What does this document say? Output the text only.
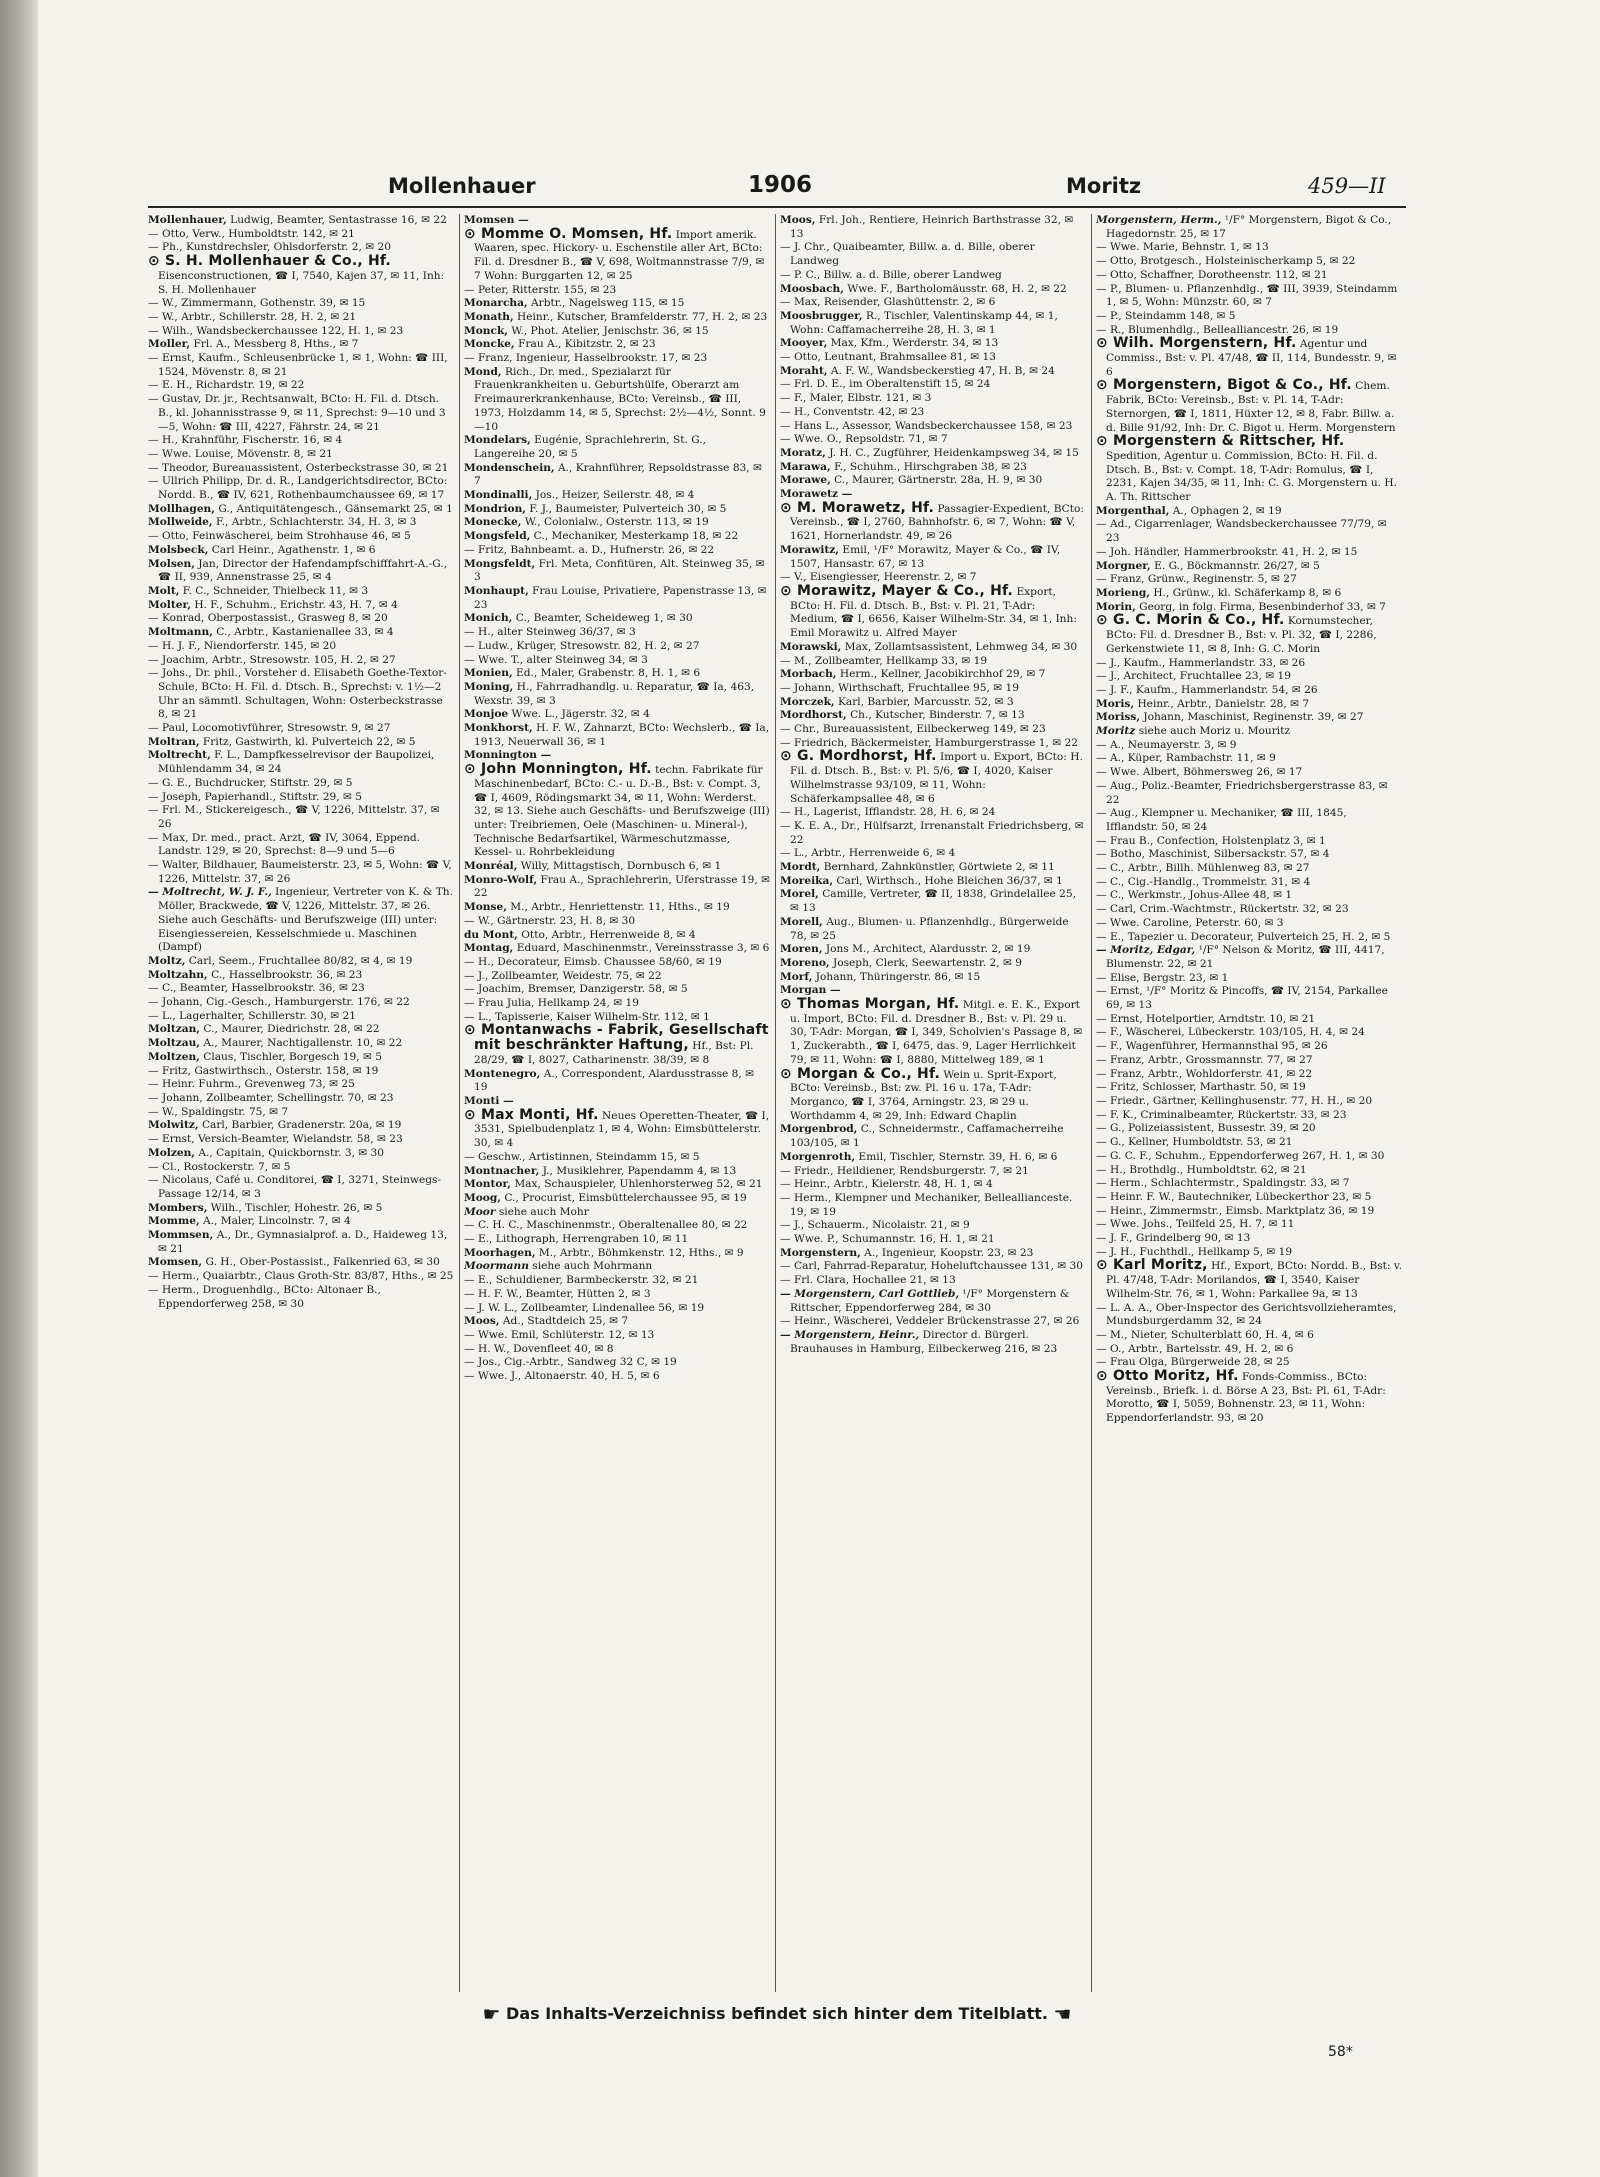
Mollenhauer	1906	Moritz	459—II

Mollenhauer, Ludwig, Beamter, Sentastrasse 16, ✉ 22

— Otto, Verw., Humboldtstr. 142, ✉ 21

— Ph., Kunstdrechsler, Ohlsdorferstr. 2, ✉ 20

⊙ S. H. Mollenhauer & Co., Hf. Eisenconstructionen, ☎ I, 7540, Kajen 37, ✉ 11, Inh: S. H. Mollenhauer

— W., Zimmermann, Gothenstr. 39, ✉ 15

— W., Arbtr., Schillerstr. 28, H. 2, ✉ 21

— Wilh., Wandsbeckerchaussee 122, H. 1, ✉ 23

Moller, Frl. A., Messberg 8, Hths., ✉ 7

— Ernst, Kaufm., Schleusenbrücke 1, ✉ 1, Wohn: ☎ III, 1524, Mövenstr. 8, ✉ 21

— E. H., Richardstr. 19, ✉ 22

— Gustav, Dr. jr., Rechtsanwalt, BCto: H. Fil. d. Dtsch. B., kl. Johannisstrasse 9, ✉ 11, Sprechst: 9—10 und 3—5, Wohn: ☎ III, 4227, Fährstr. 24, ✉ 21

— H., Krahnführ, Fischerstr. 16, ✉ 4

— Wwe. Louise, Mövenstr. 8, ✉ 21

— Theodor, Bureauassistent, Osterbeckstrasse 30, ✉ 21

— Ullrich Philipp, Dr. d. R., Landgerichtsdirector, BCto: Nordd. B., ☎ IV, 621, Rothenbaumchaussee 69, ✉ 17

Mollhagen, G., Antiquitätengesch., Gänsemarkt 25, ✉ 1

Mollweide, F., Arbtr., Schlachterstr. 34, H. 3, ✉ 3

— Otto, Feinwäscherei, beim Strohhause 46, ✉ 5

Molsbeck, Carl Heinr., Agathenstr. 1, ✉ 6

Molsen, Jan, Director der Hafendampfschifffahrt-A.-G., ☎ II, 939, Annenstrasse 25, ✉ 4

Molt, F. C., Schneider, Thielbeck 11, ✉ 3

Molter, H. F., Schuhm., Erichstr. 43, H. 7, ✉ 4

— Konrad, Oberpostassist., Grasweg 8, ✉ 20

Moltmann, C., Arbtr., Kastanienallee 33, ✉ 4

— H. J. F., Niendorferstr. 145, ✉ 20

— Joachim, Arbtr., Stresowstr. 105, H. 2, ✉ 27

— Johs., Dr. phil., Vorsteher d. Elisabeth Goethe-Textor-Schule, BCto: H. Fil. d. Dtsch. B., Sprechst: v. 1½—2 Uhr an sämmtl. Schultagen, Wohn: Osterbeckstrasse 8, ✉ 21

— Paul, Locomotivführer, Stresowstr. 9, ✉ 27

Moltran, Fritz, Gastwirth, kl. Pulverteich 22, ✉ 5

Moltrecht, F. L., Dampfkesselrevisor der Baupolizei, Mühlendamm 34, ✉ 24

— G. E., Buchdrucker, Stiftstr. 29, ✉ 5

— Joseph, Papierhandl., Stiftstr. 29, ✉ 5

— Frl. M., Stickereigesch., ☎ V, 1226, Mittelstr. 37, ✉ 26

— Max, Dr. med., pract. Arzt, ☎ IV, 3064, Eppend. Landstr. 129, ✉ 20, Sprechst: 8—9 und 5—6

— Walter, Bildhauer, Baumeisterstr. 23, ✉ 5, Wohn: ☎ V, 1226, Mittelstr. 37, ✉ 26

— Moltrecht, W. J. F., Ingenieur, Vertreter von K. & Th. Möller, Brackwede, ☎ V, 1226, Mittelstr. 37, ✉ 26. Siehe auch Geschäfts- und Berufszweige (III) unter: Eisengiessereien, Kesselschmiede u. Maschinen (Dampf)

Moltz, Carl, Seem., Fruchtallee 80/82, ✉ 4, ✉ 19

Moltzahn, C., Hasselbrookstr. 36, ✉ 23

— C., Beamter, Hasselbrookstr. 36, ✉ 23

— Johann, Cig.-Gesch., Hamburgerstr. 176, ✉ 22

— L., Lagerhalter, Schillerstr. 30, ✉ 21

Moltzan, C., Maurer, Diedrichstr. 28, ✉ 22

Moltzau, A., Maurer, Nachtigallenstr. 10, ✉ 22

Moltzen, Claus, Tischler, Borgesch 19, ✉ 5

— Fritz, Gastwirthsch., Osterstr. 158, ✉ 19

— Heinr. Fuhrm., Grevenweg 73, ✉ 25

— Johann, Zollbeamter, Schellingstr. 70, ✉ 23

— W., Spaldingstr. 75, ✉ 7

Molwitz, Carl, Barbier, Gradenerstr. 20a, ✉ 19

— Ernst, Versich-Beamter, Wielandstr. 58, ✉ 23

Molzen, A., Capitain, Quickbornstr. 3, ✉ 30

— Cl., Rostockerstr. 7, ✉ 5

— Nicolaus, Café u. Conditorei, ☎ I, 3271, Steinwegs-Passage 12/14, ✉ 3

Mombers, Wilh., Tischler, Hohestr. 26, ✉ 5

Momme, A., Maler, Lincolnstr. 7, ✉ 4

Mommsen, A., Dr., Gymnasialprof. a. D., Haideweg 13, ✉ 21

Momsen, G. H., Ober-Postassist., Falkenried 63, ✉ 30

— Herm., Quaiarbtr., Claus Groth-Str. 83/87, Hths., ✉ 25

— Herm., Droguenhdlg., BCto: Altonaer B., Eppendorferweg 258, ✉ 30

Momsen —

⊙ Momme O. Momsen, Hf. Import amerik. Waaren, spec. Hickory- u. Eschenstile aller Art, BCto: Fil. d. Dresdner B., ☎ V, 698, Woltmannstrasse 7/9, ✉ 7 Wohn: Burggarten 12, ✉ 25

— Peter, Ritterstr. 155, ✉ 23

Monarcha, Arbtr., Nagelsweg 115, ✉ 15

Monath, Heinr., Kutscher, Bramfelderstr. 77, H. 2, ✉ 23

Monck, W., Phot. Atelier, Jenischstr. 36, ✉ 15

Moncke, Frau A., Kibitzstr. 2, ✉ 23

— Franz, Ingenieur, Hasselbrookstr. 17, ✉ 23

Mond, Rich., Dr. med., Spezialarzt für Frauenkrankheiten u. Geburtshülfe, Oberarzt am Freimaurerkrankenhause, BCto: Vereinsb., ☎ III, 1973, Holzdamm 14, ✉ 5, Sprechst: 2½—4½, Sonnt. 9—10

Mondelars, Eugénie, Sprachlehrerin, St. G., Langereihe 20, ✉ 5

Mondenschein, A., Krahnführer, Repsoldstrasse 83, ✉ 7

Mondinalli, Jos., Heizer, Seilerstr. 48, ✉ 4

Mondrion, F. J., Baumeister, Pulverteich 30, ✉ 5

Monecke, W., Colonialw., Osterstr. 113, ✉ 19

Mongsfeld, C., Mechaniker, Mesterkamp 18, ✉ 22

— Fritz, Bahnbeamt. a. D., Hufnerstr. 26, ✉ 22

Mongsfeldt, Frl. Meta, Confitüren, Alt. Steinweg 35, ✉ 3

Monhaupt, Frau Louise, Privatiere, Papenstrasse 13, ✉ 23

Monich, C., Beamter, Scheideweg 1, ✉ 30

— H., alter Steinweg 36/37, ✉ 3

— Ludw., Krüger, Stresowstr. 82, H. 2, ✉ 27

— Wwe. T., alter Steinweg 34, ✉ 3

Monien, Ed., Maler, Grabenstr. 8, H. 1, ✉ 6

Moning, H., Fahrradhandlg. u. Reparatur, ☎ Ia, 463, Wexstr. 39, ✉ 3

Monjoe Wwe. L., Jägerstr. 32, ✉ 4

Monkhorst, H. F. W., Zahnarzt, BCto: Wechslerb., ☎ Ia, 1913, Neuerwall 36, ✉ 1

Monnington —

⊙ John Monnington, Hf. techn. Fabrikate für Maschinenbedarf, BCto: C.- u. D.-B., Bst: v. Compt. 3, ☎ I, 4609, Rödingsmarkt 34, ✉ 11, Wohn: Werderst. 32, ✉ 13. Siehe auch Geschäfts- und Berufszweige (III) unter: Treibriemen, Oele (Maschinen- u. Mineral-), Technische Bedarfsartikel, Wärmeschutzmasse, Kessel- u. Rohrbekleidung

Monréal, Willy, Mittagstisch, Dornbusch 6, ✉ 1

Monro-Wolf, Frau A., Sprachlehrerin, Uferstrasse 19, ✉ 22

Monse, M., Arbtr., Henriettenstr. 11, Hths., ✉ 19

— W., Gärtnerstr. 23, H. 8, ✉ 30

du Mont, Otto, Arbtr., Herrenweide 8, ✉ 4

Montag, Eduard, Maschinenmstr., Vereinsstrasse 3, ✉ 6

— H., Decorateur, Eimsb. Chaussee 58/60, ✉ 19

— J., Zollbeamter, Weidestr. 75, ✉ 22

— Joachim, Bremser, Danzigerstr. 58, ✉ 5

— Frau Julia, Hellkamp 24, ✉ 19

— L., Tapisserie, Kaiser Wilhelm-Str. 112, ✉ 1

⊙ Montanwachs - Fabrik, Gesellschaft mit beschränkter Haftung, Hf., Bst: Pl. 28/29, ☎ I, 8027, Catharinenstr. 38/39, ✉ 8

Montenegro, A., Correspondent, Alardusstrasse 8, ✉ 19

Monti —

⊙ Max Monti, Hf. Neues Operetten-Theater, ☎ I, 3531, Spielbudenplatz 1, ✉ 4, Wohn: Eimsbüttelerstr. 30, ✉ 4

— Geschw., Artistinnen, Steindamm 15, ✉ 5

Montnacher, J., Musiklehrer, Papendamm 4, ✉ 13

Montor, Max, Schauspieler, Uhlenhorsterweg 52, ✉ 21

Moog, C., Procurist, Eimsbüttelerchaussee 95, ✉ 19

Moor siehe auch Mohr

— C. H. C., Maschinenmstr., Oberaltenallee 80, ✉ 22

— E., Lithograph, Herrengraben 10, ✉ 11

Moorhagen, M., Arbtr., Böhmkenstr. 12, Hths., ✉ 9

Moormann siehe auch Mohrmann

— E., Schuldiener, Barmbeckerstr. 32, ✉ 21

— H. F. W., Beamter, Hütten 2, ✉ 3

— J. W. L., Zollbeamter, Lindenallee 56, ✉ 19

Moos, Ad., Stadtdeich 25, ✉ 7

— Wwe. Emil, Schlüterstr. 12, ✉ 13

— H. W., Dovenfleet 40, ✉ 8

— Jos., Cig.-Arbtr., Sandweg 32 C, ✉ 19

— Wwe. J., Altonaerstr. 40, H. 5, ✉ 6

Moos, Frl. Joh., Rentiere, Heinrich Barthstrasse 32, ✉ 13

— J. Chr., Quaibeamter, Billw. a. d. Bille, oberer Landweg

— P. C., Billw. a. d. Bille, oberer Landweg

Moosbach, Wwe. F., Bartholomäusstr. 68, H. 2, ✉ 22

— Max, Reisender, Glashüttenstr. 2, ✉ 6

Moosbrugger, R., Tischler, Valentinskamp 44, ✉ 1, Wohn: Caffamacherreihe 28, H. 3, ✉ 1

Mooyer, Max, Kfm., Werderstr. 34, ✉ 13

— Otto, Leutnant, Brahmsallee 81, ✉ 13

Moraht, A. F. W., Wandsbeckerstieg 47, H. B, ✉ 24

— Frl. D. E., im Oberaltenstift 15, ✉ 24

— F., Maler, Elbstr. 121, ✉ 3

— H., Conventstr. 42, ✉ 23

— Hans L., Assessor, Wandsbeckerchaussee 158, ✉ 23

— Wwe. O., Repsoldstr. 71, ✉ 7

Moratz, J. H. C., Zugführer, Heidenkampsweg 34, ✉ 15

Marawa, F., Schuhm., Hirschgraben 38, ✉ 23

Morawe, C., Maurer, Gärtnerstr. 28a, H. 9, ✉ 30

Morawetz —

⊙ M. Morawetz, Hf. Passagier-Expedient, BCto: Vereinsb., ☎ I, 2760, Bahnhofstr. 6, ✉ 7, Wohn: ☎ V, 1621, Hornerlandstr. 49, ✉ 26

Morawitz, Emil, ¹/F° Morawitz, Mayer & Co., ☎ IV, 1507, Hansastr. 67, ✉ 13

— V., Eisengiesser, Heerenstr. 2, ✉ 7

⊙ Morawitz, Mayer & Co., Hf. Export, BCto: H. Fil. d. Dtsch. B., Bst: v. Pl. 21, T-Adr: Medium, ☎ I, 6656, Kaiser Wilhelm-Str. 34, ✉ 1, Inh: Emil Morawitz u. Alfred Mayer

Morawski, Max, Zollamtsassistent, Lehmweg 34, ✉ 30

— M., Zollbeamter, Hellkamp 33, ✉ 19

Morbach, Herm., Kellner, Jacobikirchhof 29, ✉ 7

— Johann, Wirthschaft, Fruchtallee 95, ✉ 19

Morczek, Karl, Barbier, Marcusstr. 52, ✉ 3

Mordhorst, Ch., Kutscher, Binderstr. 7, ✉ 13

— Chr., Bureauassistent, Eilbeckerweg 149, ✉ 23

— Friedrich, Bäckermeister, Hamburgerstrasse 1, ✉ 22

⊙ G. Mordhorst, Hf. Import u. Export, BCto: H. Fil. d. Dtsch. B., Bst: v. Pl. 5/6, ☎ I, 4020, Kaiser Wilhelmstrasse 93/109, ✉ 11, Wohn: Schäferkampsallee 48, ✉ 6

— H., Lagerist, Ifflandstr. 28, H. 6, ✉ 24

— K. E. A., Dr., Hülfsarzt, Irrenanstalt Friedrichsberg, ✉ 22

— L., Arbtr., Herrenweide 6, ✉ 4

Mordt, Bernhard, Zahnkünstler, Görtwiete 2, ✉ 11

Moreika, Carl, Wirthsch., Hohe Bleichen 36/37, ✉ 1

Morel, Camille, Vertreter, ☎ II, 1838, Grindelallee 25, ✉ 13

Morell, Aug., Blumen- u. Pflanzenhdlg., Bürgerweide 78, ✉ 25

Moren, Jons M., Architect, Alardusstr. 2, ✉ 19

Moreno, Joseph, Clerk, Seewartenstr. 2, ✉ 9

Morf, Johann, Thüringerstr. 86, ✉ 15

Morgan —

⊙ Thomas Morgan, Hf. Mitgl. e. E. K., Export u. Import, BCto: Fil. d. Dresdner B., Bst: v. Pl. 29 u. 30, T-Adr: Morgan, ☎ I, 349, Scholvien's Passage 8, ✉ 1, Zuckerabth., ☎ I, 6475, das. 9, Lager Herrlichkeit 79, ✉ 11, Wohn: ☎ I, 8880, Mittelweg 189, ✉ 1

⊙ Morgan & Co., Hf. Wein u. Sprit-Export, BCto: Vereinsb., Bst: zw. Pl. 16 u. 17a, T-Adr: Morganco, ☎ I, 3764, Arningstr. 23, ✉ 29 u. Worthdamm 4, ✉ 29, Inh: Edward Chaplin

Morgenbrod, C., Schneidermstr., Caffamacherreihe 103/105, ✉ 1

Morgenroth, Emil, Tischler, Sternstr. 39, H. 6, ✉ 6

— Friedr., Heildiener, Rendsburgerstr. 7, ✉ 21

— Heinr., Arbtr., Kielerstr. 48, H. 1, ✉ 4

— Herm., Klempner und Mechaniker, Belleallianceste. 19, ✉ 19

— J., Schauerm., Nicolaistr. 21, ✉ 9

— Wwe. P., Schumannstr. 16, H. 1, ✉ 21

Morgenstern, A., Ingenieur, Koopstr. 23, ✉ 23

— Carl, Fahrrad-Reparatur, Hoheluftchaussee 131, ✉ 30

— Frl. Clara, Hochallee 21, ✉ 13

— Morgenstern, Carl Gottlieb, ¹/F° Morgenstern & Rittscher, Eppendorferweg 284, ✉ 30

— Heinr., Wäscherei, Veddeler Brückenstrasse 27, ✉ 26

— Morgenstern, Heinr., Director d. Bürgerl. Brauhauses in Hamburg, Eilbeckerweg 216, ✉ 23

Morgenstern, Herm., ¹/F° Morgenstern, Bigot & Co., Hagedornstr. 25, ✉ 17

— Wwe. Marie, Behnstr. 1, ✉ 13

— Otto, Brotgesch., Holsteinischerkamp 5, ✉ 22

— Otto, Schaffner, Dorotheenstr. 112, ✉ 21

— P., Blumen- u. Pflanzenhdlg., ☎ III, 3939, Steindamm 1, ✉ 5, Wohn: Münzstr. 60, ✉ 7

— P., Steindamm 148, ✉ 5

— R., Blumenhdlg., Bellealliancestr. 26, ✉ 19

⊙ Wilh. Morgenstern, Hf. Agentur und Commiss., Bst: v. Pl. 47/48, ☎ II, 114, Bundesstr. 9, ✉ 6

⊙ Morgenstern, Bigot & Co., Hf. Chem. Fabrik, BCto: Vereinsb., Bst: v. Pl. 14, T-Adr: Sternorgen, ☎ I, 1811, Hüxter 12, ✉ 8, Fabr. Billw. a. d. Bille 91/92, Inh: Dr. C. Bigot u. Herm. Morgenstern

⊙ Morgenstern & Rittscher, Hf. Spedition, Agentur u. Commission, BCto: H. Fil. d. Dtsch. B., Bst: v. Compt. 18, T-Adr: Romulus, ☎ I, 2231, Kajen 34/35, ✉ 11, Inh: C. G. Morgenstern u. H. A. Th. Rittscher

Morgenthal, A., Ophagen 2, ✉ 19

— Ad., Cigarrenlager, Wandsbeckerchaussee 77/79, ✉ 23

— Joh. Händler, Hammerbrookstr. 41, H. 2, ✉ 15

Morgner, E. G., Böckmannstr. 26/27, ✉ 5

— Franz, Grünw., Reginenstr. 5, ✉ 27

Morieng, H., Grünw., kl. Schäferkamp 8, ✉ 6

Morin, Georg, in folg. Firma, Besenbinderhof 33, ✉ 7

⊙ G. C. Morin & Co., Hf. Kornumstecher, BCto: Fil. d. Dresdner B., Bst: v. Pl. 32, ☎ I, 2286, Gerkenstwiete 11, ✉ 8, Inh: G. C. Morin

— J., Kaufm., Hammerlandstr. 33, ✉ 26

— J., Architect, Fruchtallee 23, ✉ 19

— J. F., Kaufm., Hammerlandstr. 54, ✉ 26

Moris, Heinr., Arbtr., Danielstr. 28, ✉ 7

Moriss, Johann, Maschinist, Reginenstr. 39, ✉ 27

Moritz siehe auch Moriz u. Mouritz

— A., Neumayerstr. 3, ✉ 9

— A., Küper, Rambachstr. 11, ✉ 9

— Wwe. Albert, Böhmersweg 26, ✉ 17

— Aug., Poliz.-Beamter, Friedrichsbergerstrasse 83, ✉ 22

— Aug., Klempner u. Mechaniker, ☎ III, 1845, Ifflandstr. 50, ✉ 24

— Frau B., Confection, Holstenplatz 3, ✉ 1

— Botho, Maschinist, Silbersackstr. 57, ✉ 4

— C., Arbtr., Billh. Mühlenweg 83, ✉ 27

— C., Cig.-Handlg., Trommelstr. 31, ✉ 4

— C., Werkmstr., Johus-Allee 48, ✉ 1

— Carl, Crim.-Wachtmstr., Rückertstr. 32, ✉ 23

— Wwe. Caroline, Peterstr. 60, ✉ 3

— E., Tapezier u. Decorateur, Pulverteich 25, H. 2, ✉ 5

— Moritz, Edgar, ¹/F° Nelson & Moritz, ☎ III, 4417, Blumenstr. 22, ✉ 21

— Elise, Bergstr. 23, ✉ 1

— Ernst, ¹/F° Moritz & Pincoffs, ☎ IV, 2154, Parkallee 69, ✉ 13

— Ernst, Hotelportier, Arndtstr. 10, ✉ 21

— F., Wäscherei, Lübeckerstr. 103/105, H. 4, ✉ 24

— F., Wagenführer, Hermannsthal 95, ✉ 26

— Franz, Arbtr., Grossmannstr. 77, ✉ 27

— Franz, Arbtr., Wohldorferstr. 41, ✉ 22

— Fritz, Schlosser, Marthastr. 50, ✉ 19

— Friedr., Gärtner, Kellinghusenstr. 77, H. H., ✉ 20

— F. K., Criminalbeamter, Rückertstr. 33, ✉ 23

— G., Polizeiassistent, Bussestr. 39, ✉ 20

— G., Kellner, Humboldtstr. 53, ✉ 21

— G. C. F., Schuhm., Eppendorferweg 267, H. 1, ✉ 30

— H., Brothdlg., Humboldtstr. 62, ✉ 21

— Herm., Schlachtermstr., Spaldingstr. 33, ✉ 7

— Heinr. F. W., Bautechniker, Lübeckerthor 23, ✉ 5

— Heinr., Zimmermstr., Eimsb. Marktplatz 36, ✉ 19

— Wwe. Johs., Teilfeld 25, H. 7, ✉ 11

— J. F., Grindelberg 90, ✉ 13

— J. H., Fuchthdl., Hellkamp 5, ✉ 19

⊙ Karl Moritz, Hf., Export, BCto: Nordd. B., Bst: v. Pl. 47/48, T-Adr: Morilandos, ☎ I, 3540, Kaiser Wilhelm-Str. 76, ✉ 1, Wohn: Parkallee 9a, ✉ 13

— L. A. A., Ober-Inspector des Gerichtsvollzieheramtes, Mundsburgerdamm 32, ✉ 24

— M., Nieter, Schulterblatt 60, H. 4, ✉ 6

— O., Arbtr., Bartelsstr. 49, H. 2, ✉ 6

— Frau Olga, Bürgerweide 28, ✉ 25

⊙ Otto Moritz, Hf. Fonds-Commiss., BCto: Vereinsb., Briefk. i. d. Börse A 23, Bst: Pl. 61, T-Adr: Morotto, ☎ I, 5059, Bohnenstr. 23, ✉ 11, Wohn: Eppendorferlandstr. 93, ✉ 20

☛ Das Inhalts-Verzeichniss befindet sich hinter dem Titelblatt. ☚
58*
